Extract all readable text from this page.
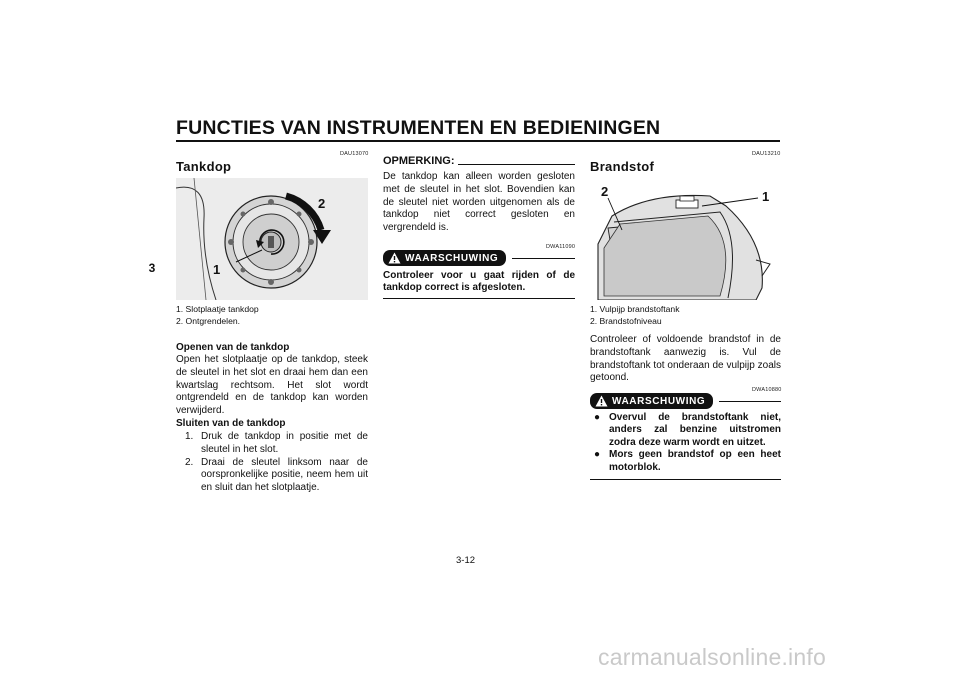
FUNCTIES VAN INSTRUMENTEN EN BEDIENINGEN
3
DAU13070
Tankdop
1
2
1. Slotplaatje tankdop
2. Ontgrendelen.
Openen van de tankdop
Open het slotplaatje op de tankdop, steek de sleutel in het slot en draai hem dan een kwartslag rechtsom. Het slot wordt ontgrendeld en de tankdop kan worden verwijderd.
Sluiten van de tankdop
1. Druk de tankdop in positie met de sleutel in het slot.
2. Draai de sleutel linksom naar de oorspronkelijke positie, neem hem uit en sluit dan het slotplaatje.
OPMERKING:
De tankdop kan alleen worden gesloten met de sleutel in het slot. Bovendien kan de sleutel niet worden uitgenomen als de tankdop niet correct gesloten en vergrendeld is.
DWA11090
WAARSCHUWING
Controleer voor u gaat rijden of de tankdop correct is afgesloten.
DAU13210
Brandstof
2	1
1. Vulpijp brandstoftank
2. Brandstofniveau
Controleer of voldoende brandstof in de brandstoftank aanwezig is. Vul de brandstoftank tot onderaan de vulpijp zoals getoond.
DWA10880
WAARSCHUWING
● Overvul de brandstoftank niet, anders zal benzine uitstromen zodra deze warm wordt en uitzet.
● Mors geen brandstof op een heet motorblok.
3-12
carmanualsonline.info
